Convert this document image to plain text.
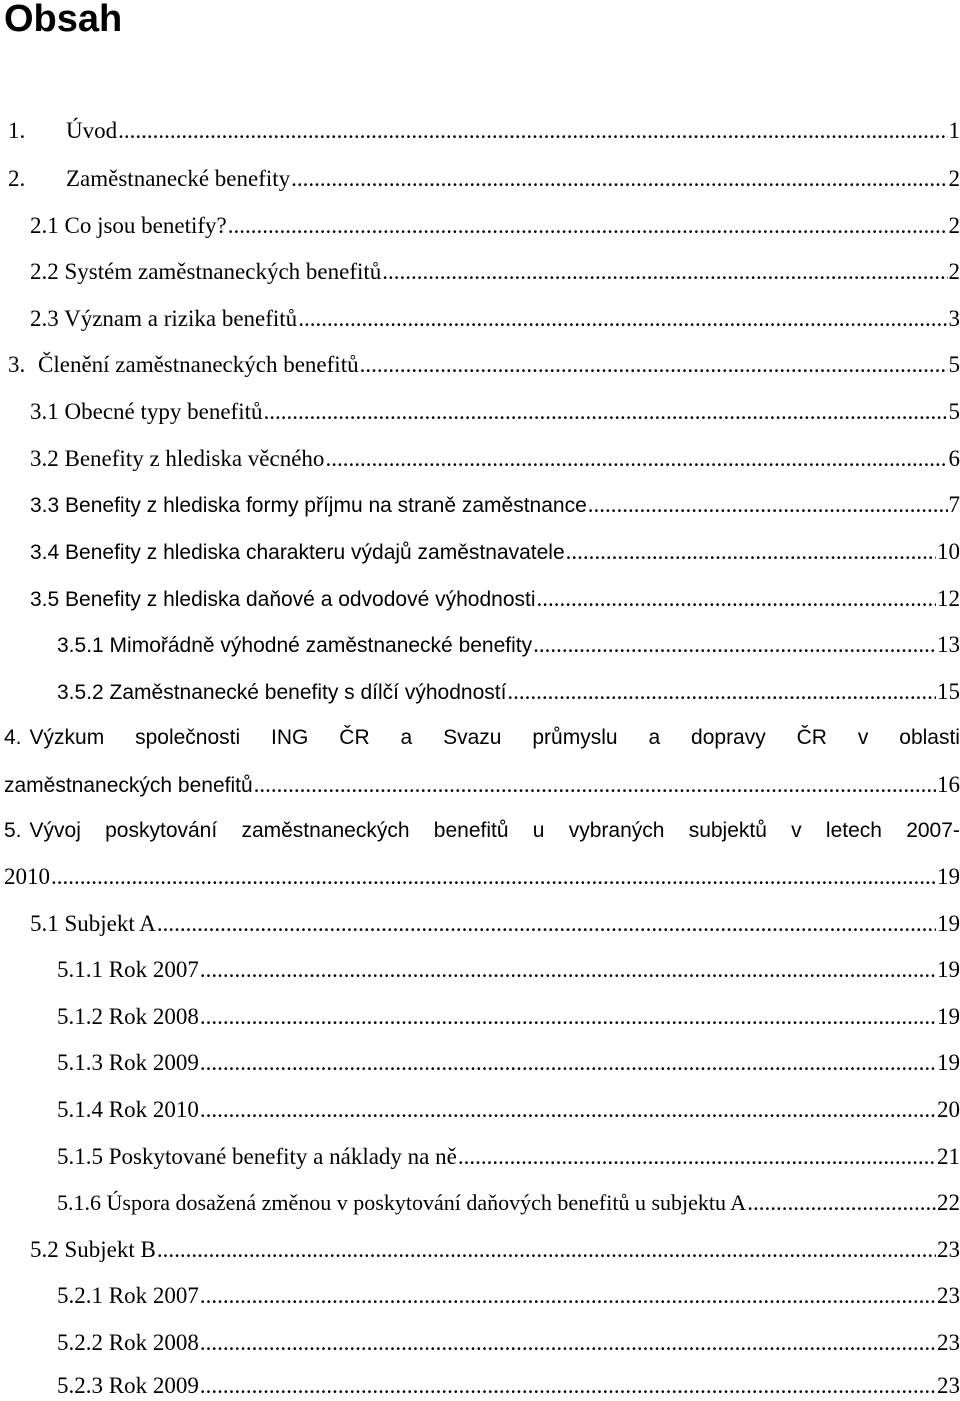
Obsah
1.	Úvod .....	1
2.	Zaměstnanecké benefity .....	2
2.1 Co jsou benetify? .....	2
2.2 Systém zaměstnaneckých benefitů .....	2
2.3 Význam a rizika benefitů .....	3
3. Členění zaměstnaneckých benefitů .....	5
3.1 Obecné typy benefitů .....	5
3.2 Benefity z hlediska věcného .....	6
3.3 Benefity z hlediska formy příjmu na straně zaměstnance .....	7
3.4 Benefity z hlediska charakteru výdajů zaměstnavatele .....	10
3.5 Benefity z hlediska daňové a odvodové výhodnosti .....	12
3.5.1 Mimořádně výhodné zaměstnanecké benefity .....	13
3.5.2 Zaměstnanecké benefity s dílčí výhodností .....	15
4. Výzkum společnosti ING ČR a Svazu průmyslu a dopravy ČR v oblasti
zaměstnaneckých benefitů .....	16
5. Vývoj poskytování zaměstnaneckých benefitů u vybraných subjektů v letech 2007-
2010 .....	19
5.1 Subjekt A .....	19
5.1.1 Rok 2007 .....	19
5.1.2 Rok 2008 .....	19
5.1.3 Rok 2009 .....	19
5.1.4 Rok 2010 .....	20
5.1.5 Poskytované benefity a náklady na ně .....	21
5.1.6 Úspora dosažená změnou v poskytování daňových benefitů u subjektu A .....	22
5.2 Subjekt B .....	23
5.2.1 Rok 2007 .....	23
5.2.2 Rok 2008 .....	23
5.2.3 Rok 2009 .....	23
